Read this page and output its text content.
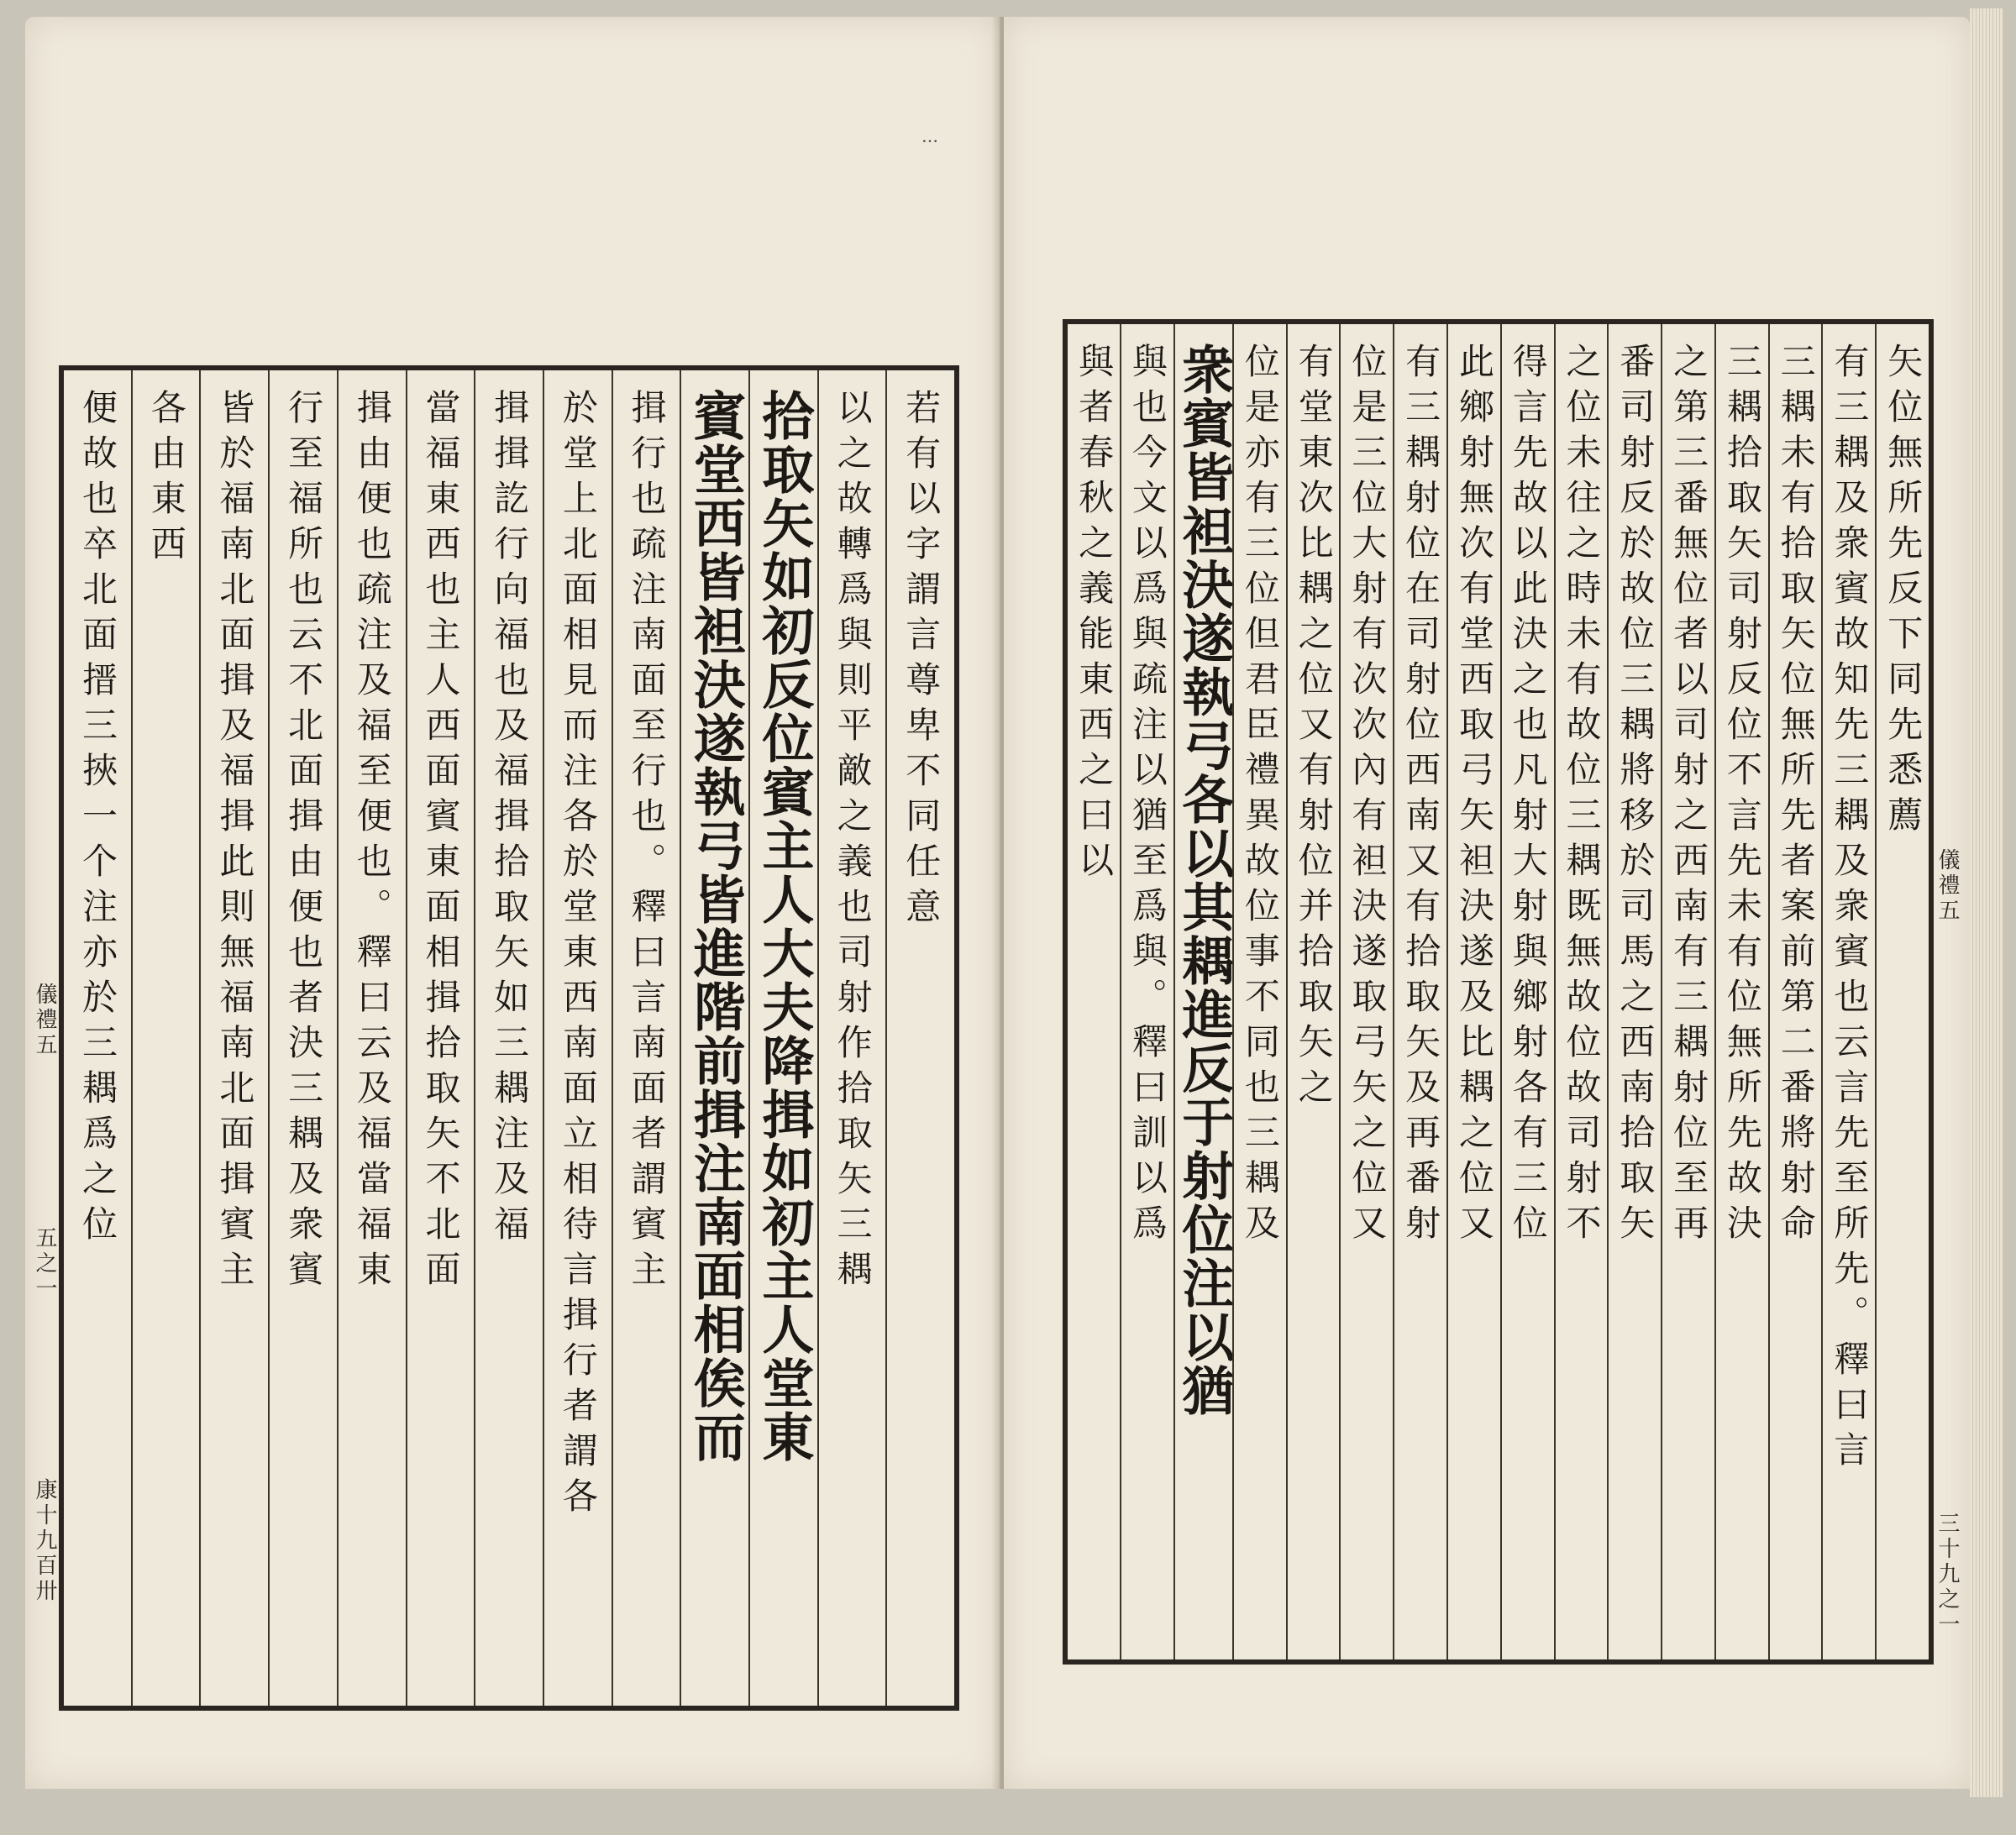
儀禮五
五之一
康十九百卅
若有以字謂言尊卑不同任意
以之故轉爲與則平敵之義也司射作拾取矢三耦
拾取矢如初反位賓主人大夫降揖如初主人堂東
賓堂西皆袒決遂執弓皆進階前揖注南面相俟而
揖行也疏注南面至行也。釋曰言南面者謂賓主
於堂上北面相見而注各於堂東西南面立相待言揖行者謂各
揖揖訖行向福也及福揖拾取矢如三耦注及福
當福東西也主人西面賓東面相揖拾取矢不北面
揖由便也疏注及福至便也。釋曰云及福當福東
行至福所也云不北面揖由便也者決三耦及衆賓
皆於福南北面揖及福揖此則無福南北面揖賓主
各由東西
便故也卒北面搢三挾一个注亦於三耦爲之位
…
儀禮五
三十九之一
矢位無所先反下同先悉薦
有三耦及衆賓故知先三耦及衆賓也云言先至所先。釋曰言
三耦未有拾取矢位無所先者案前第二番將射命
三耦拾取矢司射反位不言先未有位無所先故決
之第三番無位者以司射之西南有三耦射位至再
番司射反於故位三耦將移於司馬之西南拾取矢
之位未往之時未有故位三耦既無故位故司射不
得言先故以此決之也凡射大射與鄉射各有三位
此鄉射無次有堂西取弓矢袒決遂及比耦之位又
有三耦射位在司射位西南又有拾取矢及再番射
位是三位大射有次次內有袒決遂取弓矢之位又
有堂東次比耦之位又有射位并拾取矢之
位是亦有三位但君臣禮異故位事不同也三耦及
衆賓皆袒決遂執弓各以其耦進反于射位注以猶
與也今文以爲與疏注以猶至爲與。釋曰訓以爲
與者春秋之義能東西之曰以
